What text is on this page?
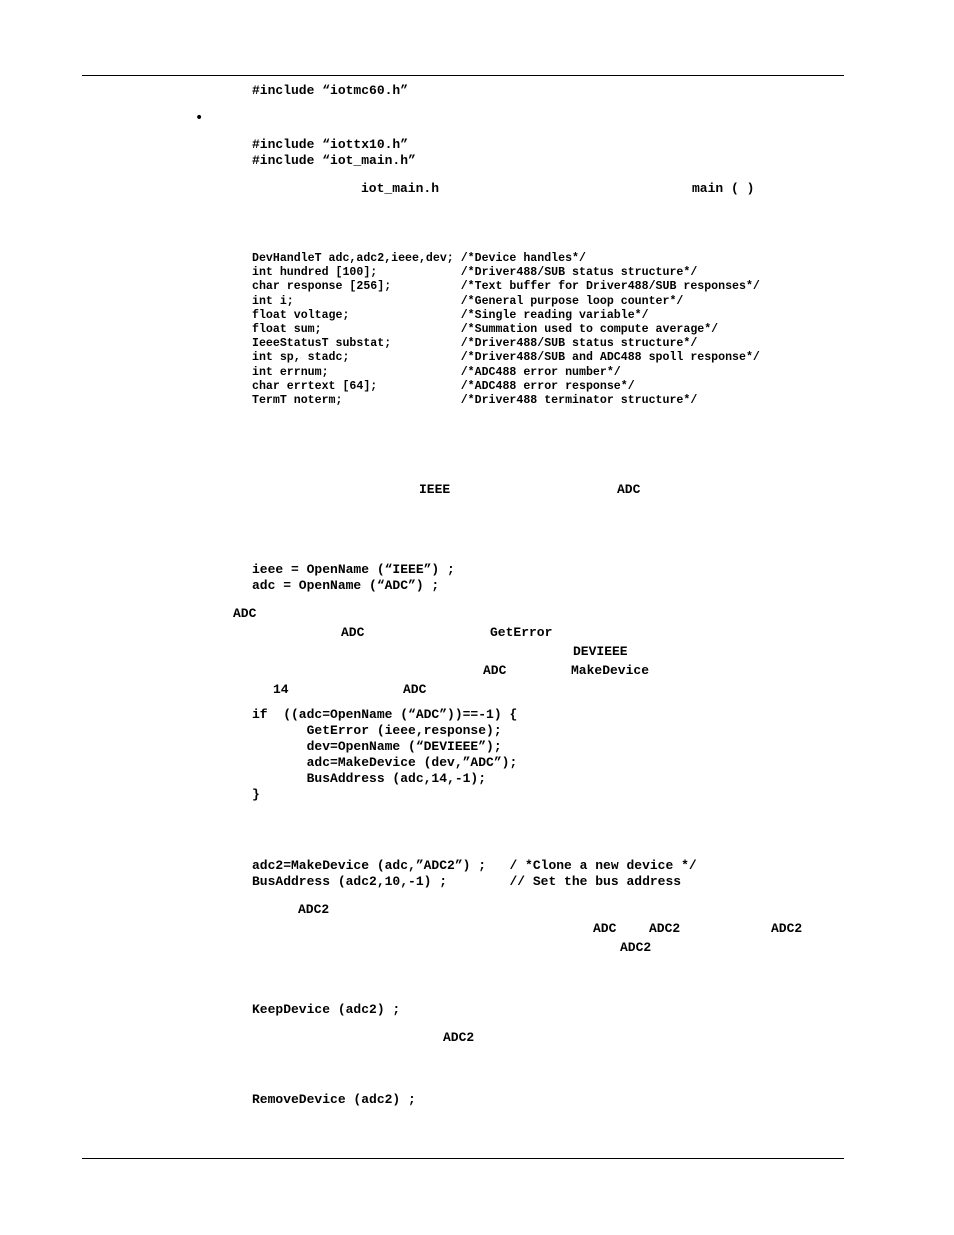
#include “iotmc60.h”
•
#include “iottx10.h”
#include “iot_main.h”
iot_main.h	main ( )
DevHandleT adc,adc2,ieee,dev; /*Device handles*/
int hundred [100];            /*Driver488/SUB status structure*/
char response [256];          /*Text buffer for Driver488/SUB responses*/
int i;                        /*General purpose loop counter*/
float voltage;                /*Single reading variable*/
float sum;                    /*Summation used to compute average*/
IeeeStatusT substat;          /*Driver488/SUB status structure*/
int sp, stadc;                /*Driver488/SUB and ADC488 spoll response*/
int errnum;                   /*ADC488 error number*/
char errtext [64];            /*ADC488 error response*/
TermT noterm;                 /*Driver488 terminator structure*/
IEEE	ADC
ieee = OpenName (“IEEE”) ;
adc = OpenName (“ADC”) ;
ADC
ADC	GetError
DEVIEEE
ADC	MakeDevice
14	ADC
if  ((adc=OpenName (“ADC”))==-1) {
GetError (ieee,response);
dev=OpenName (“DEVIEEE”);
adc=MakeDevice (dev,”ADC”);
BusAddress (adc,14,-1);
}
adc2=MakeDevice (adc,”ADC2”) ;   / *Clone a new device */
BusAddress (adc2,10,-1) ;        // Set the bus address
ADC2
ADC	ADC2	ADC2
ADC2
KeepDevice (adc2) ;
ADC2
RemoveDevice (adc2) ;
